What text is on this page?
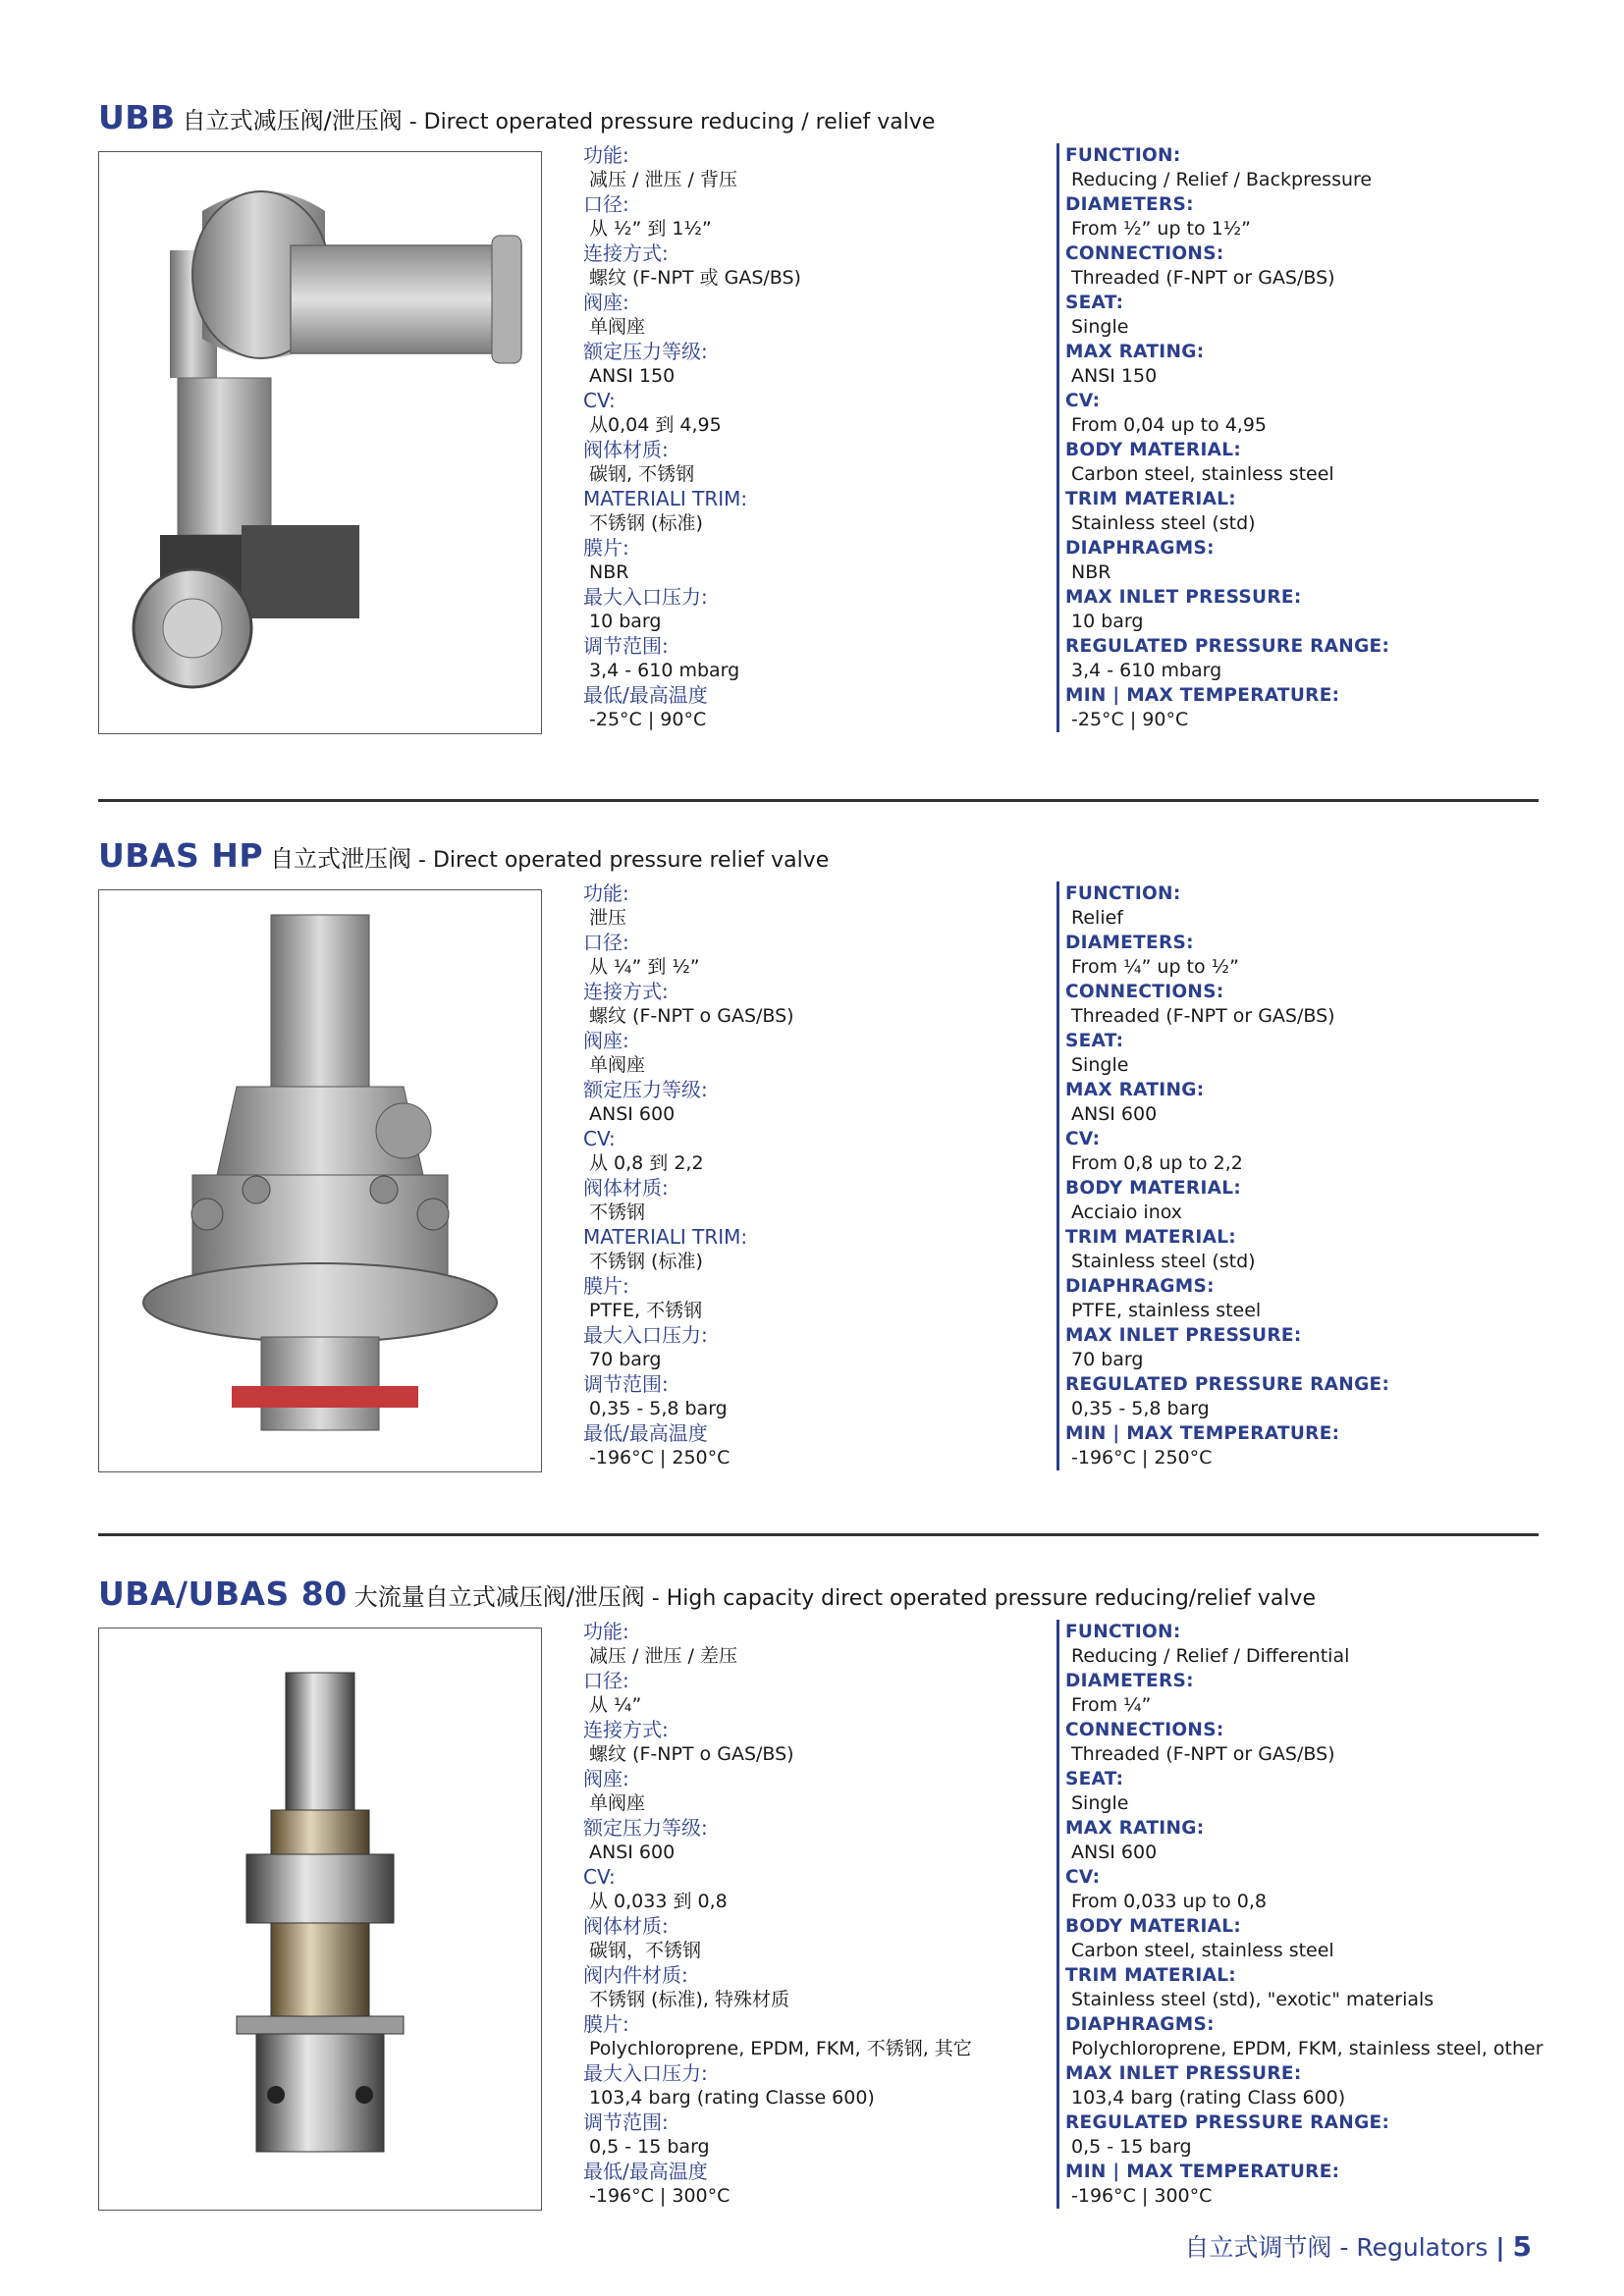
UBB 自立式减压阀/泄压阀 - Direct operated pressure reducing / relief valve
功能:
减压 / 泄压 / 背压
口径:
从 ½” 到 1½”
连接方式:
螺纹 (F-NPT 或 GAS/BS)
阀座:
单阀座
额定压力等级:
ANSI 150
CV:
从0,04 到 4,95
阀体材质:
碳钢, 不锈钢
MATERIALI TRIM:
不锈钢 (标准)
膜片:
NBR
最大入口压力:
10 barg
调节范围:
3,4 - 610 mbarg
最低/最高温度
-25°C | 90°C
FUNCTION:
Reducing / Relief / Backpressure
DIAMETERS:
From ½” up to 1½”
CONNECTIONS:
Threaded (F-NPT or GAS/BS)
SEAT:
Single
MAX RATING:
ANSI 150
CV:
From 0,04 up to 4,95
BODY MATERIAL:
Carbon steel, stainless steel
TRIM MATERIAL:
Stainless steel (std)
DIAPHRAGMS:
NBR
MAX INLET PRESSURE:
10 barg
REGULATED PRESSURE RANGE:
3,4 - 610 mbarg
MIN | MAX TEMPERATURE:
-25°C | 90°C
UBAS HP 自立式泄压阀 - Direct operated pressure relief valve
功能:
泄压
口径:
从 ¼” 到 ½”
连接方式:
螺纹 (F-NPT o GAS/BS)
阀座:
单阀座
额定压力等级:
ANSI 600
CV:
从 0,8 到 2,2
阀体材质:
不锈钢
MATERIALI TRIM:
不锈钢 (标准)
膜片:
PTFE, 不锈钢
最大入口压力:
70 barg
调节范围:
0,35 - 5,8 barg
最低/最高温度
-196°C | 250°C
FUNCTION:
Relief
DIAMETERS:
From ¼” up to ½”
CONNECTIONS:
Threaded (F-NPT or GAS/BS)
SEAT:
Single
MAX RATING:
ANSI 600
CV:
From 0,8 up to 2,2
BODY MATERIAL:
Acciaio inox
TRIM MATERIAL:
Stainless steel (std)
DIAPHRAGMS:
PTFE, stainless steel
MAX INLET PRESSURE:
70 barg
REGULATED PRESSURE RANGE:
0,35 - 5,8 barg
MIN | MAX TEMPERATURE:
-196°C | 250°C
UBA/UBAS 80 大流量自立式减压阀/泄压阀 - High capacity direct operated pressure reducing/relief valve
功能:
减压 / 泄压 / 差压
口径:
从 ¼”
连接方式:
螺纹 (F-NPT o GAS/BS)
阀座:
单阀座
额定压力等级:
ANSI 600
CV:
从 0,033 到 0,8
阀体材质:
碳钢，不锈钢
阀内件材质:
不锈钢 (标准), 特殊材质
膜片:
Polychloroprene, EPDM, FKM, 不锈钢, 其它
最大入口压力:
103,4 barg (rating Classe 600)
调节范围:
0,5 - 15 barg
最低/最高温度
-196°C | 300°C
FUNCTION:
Reducing / Relief / Differential
DIAMETERS:
From ¼”
CONNECTIONS:
Threaded (F-NPT or GAS/BS)
SEAT:
Single
MAX RATING:
ANSI 600
CV:
From 0,033 up to 0,8
BODY MATERIAL:
Carbon steel, stainless steel
TRIM MATERIAL:
Stainless steel (std), "exotic" materials
DIAPHRAGMS:
Polychloroprene, EPDM, FKM, stainless steel, other
MAX INLET PRESSURE:
103,4 barg (rating Class 600)
REGULATED PRESSURE RANGE:
0,5 - 15 barg
MIN | MAX TEMPERATURE:
-196°C | 300°C
自立式调节阀 - Regulators | 5
